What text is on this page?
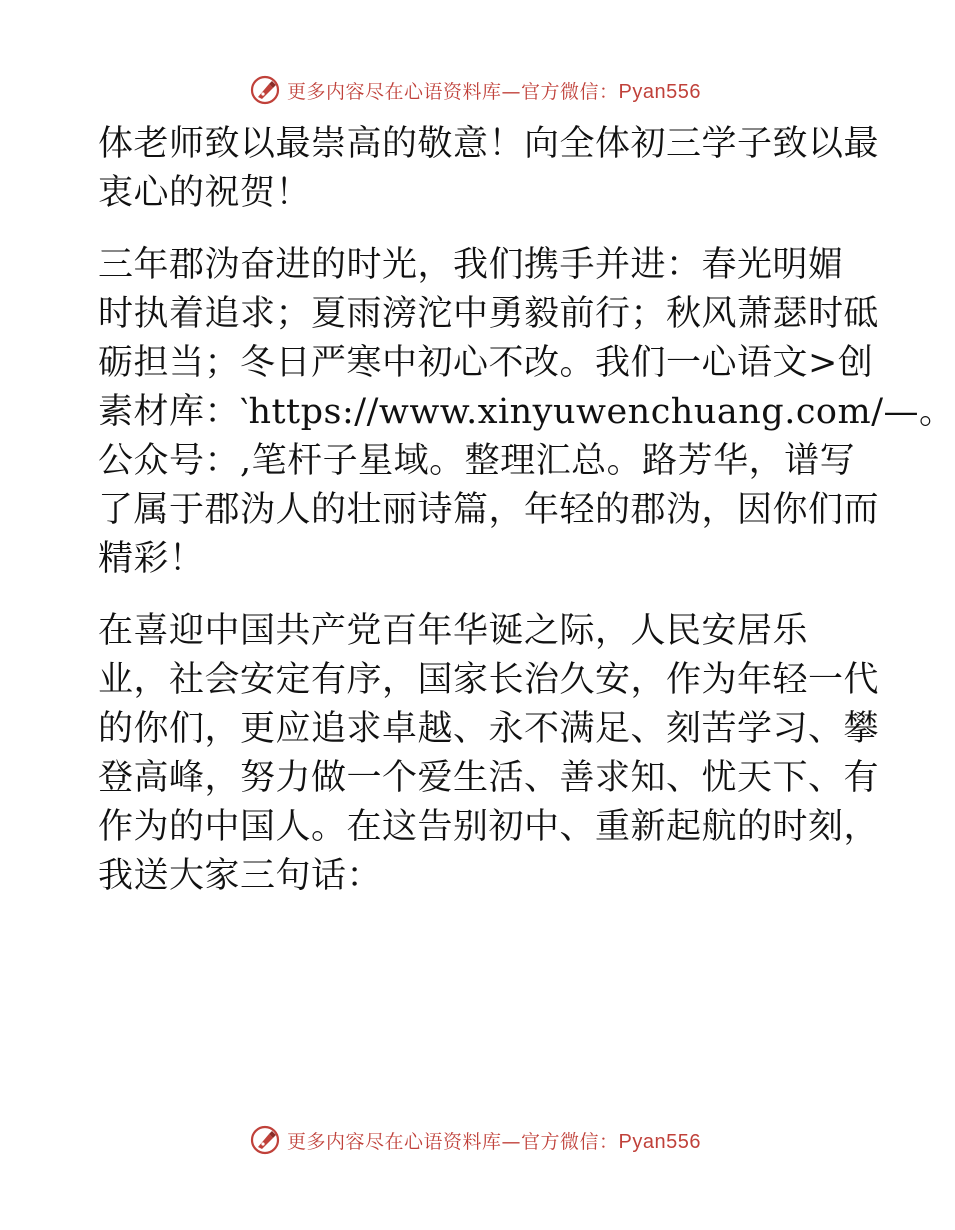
更多内容尽在心语资料库—官方微信：Pyan556

体老师致以最崇高的敬意！向全体初三学子致以最
衷心的祝贺！

三年郡沩奋进的时光，我们携手并进：春光明媚
时执着追求；夏雨滂沱中勇毅前行；秋风萧瑟时砥
砺担当；冬日严寒中初心不改。我们一心语文>创
素材库：‵https://www.xinyuwenchuang.com/—。
公众号：,笔杆子星域。整理汇总。路芳华，谱写
了属于郡沩人的壮丽诗篇，年轻的郡沩，因你们而
精彩！

在喜迎中国共产党百年华诞之际，人民安居乐
业，社会安定有序，国家长治久安，作为年轻一代
的你们，更应追求卓越、永不满足、刻苦学习、攀
登高峰，努力做一个爱生活、善求知、忧天下、有
作为的中国人。在这告别初中、重新起航的时刻，
我送大家三句话：

更多内容尽在心语资料库—官方微信：Pyan556
